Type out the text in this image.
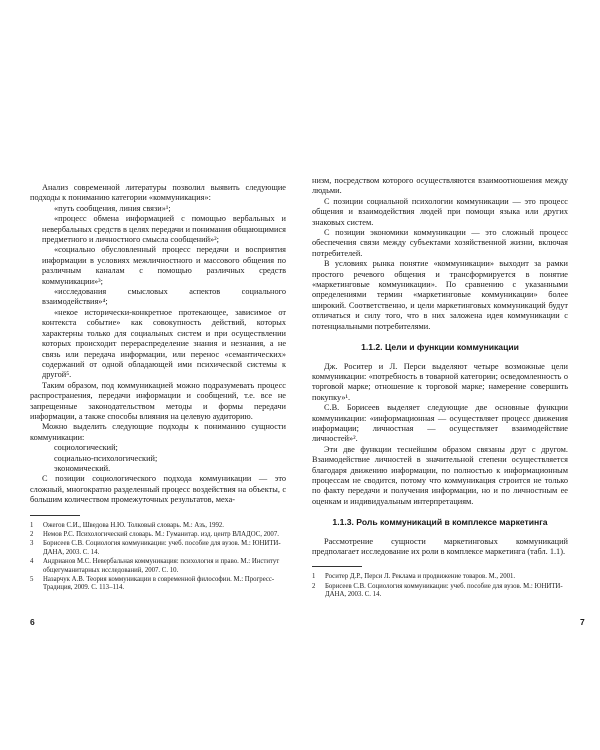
Анализ современной литературы позволил выявить следующие подходы к пониманию категории «коммуникация»:

«путь сообщения, линия связи»¹;

«процесс обмена информацией с помощью вербальных и невербальных средств в целях передачи и понимания общающимися предметного и личностного смысла сообщений»²;

«социально обусловленный процесс передачи и восприятия информации в условиях межличностного и массового общения по различным каналам с помощью различных средств коммуникации»³;

«исследования смысловых аспектов социального взаимодействия»⁴;

«некое исторически-конкретное протекающее, зависимое от контекста событие» как совокупность действий, которых характерны только для социальных систем и при осуществлении которых происходит перераспределение знания и незнания, а не связь или передача информации, или перенос «семантических» содержаний от одной обладающей ими психической системы к другой⁵.

Таким образом, под коммуникацией можно подразумевать процесс распространения, передачи информации и сообщений, т.е. все не запрещенные законодательством методы и формы передачи информации, а также способы влияния на целевую аудиторию.

Можно выделить следующие подходы к пониманию сущности коммуникации:

социологический;

социально-психологический;

экономический.

С позиции социологического подхода коммуникации — это сложный, многократно разделенный процесс воздействия на объекты, с большим количеством промежуточных результатов, меха-

1	Ожегов С.И., Шведова Н.Ю. Толковый словарь. М.: Азъ, 1992.
2	Немов Р.С. Психологический словарь. М.: Гуманитар. изд. центр ВЛАДОС, 2007.
3	Борисеев С.В. Социология коммуникации: учеб. пособие для вузов. М.: ЮНИТИ-ДАНА, 2003. С. 14.
4	Андрианов М.С. Невербальная коммуникация: психология и право. М.: Институт общегуманитарных исследований, 2007. С. 10.
5	Назарчук А.В. Теория коммуникации в современной философии. М.: Прогресс-Традиция, 2009. С. 113–114.
6

низм, посредством которого осуществляются взаимоотношения между людьми.

С позиции социальной психологии коммуникации — это процесс общения и взаимодействия людей при помощи языка или других знаковых систем.

С позиции экономики коммуникации — это сложный процесс обеспечения связи между субъектами хозяйственной жизни, включая потребителей.

В условиях рынка понятие «коммуникации» выходит за рамки простого речевого общения и трансформируется в понятие «маркетинговые коммуникации». По сравнению с указанными определениями термин «маркетинговые коммуникации» более широкий. Соответственно, и цели маркетинговых коммуникаций будут отличаться и силу того, что в них заложена идея коммуникации с потенциальными потребителями.

1.1.2. Цели и функции коммуникации

Дж. Роситер и Л. Перси выделяют четыре возможные цели коммуникации: «потребность в товарной категории; осведомленность о торговой марке; отношение к торговой марке; намерение совершить покупку»¹.

С.В. Борисеев выделяет следующие две основные функции коммуникации: «информационная — осуществляет процесс движения информации; личностная — осуществляет взаимодействие личностей»².

Эти две функции теснейшим образом связаны друг с другом. Взаимодействие личностей в значительной степени осуществляется благодаря движению информации, по полностью к информационным процессам не сводится, потому что коммуникация строится не только по факту передачи и получения информации, но и по личностным ее оценкам и индивидуальным интерпретациям.

1.1.3. Роль коммуникаций в комплексе маркетинга

Рассмотрение сущности маркетинговых коммуникаций предполагает исследование их роли в комплексе маркетинга (табл. 1.1).

1	Роситер Д.Р., Перси Л. Реклама и продвижение товаров. М., 2001.
2	Борисеев С.В. Социология коммуникации: учеб. пособие для вузов. М.: ЮНИТИ-ДАНА, 2003. С. 14.
7
